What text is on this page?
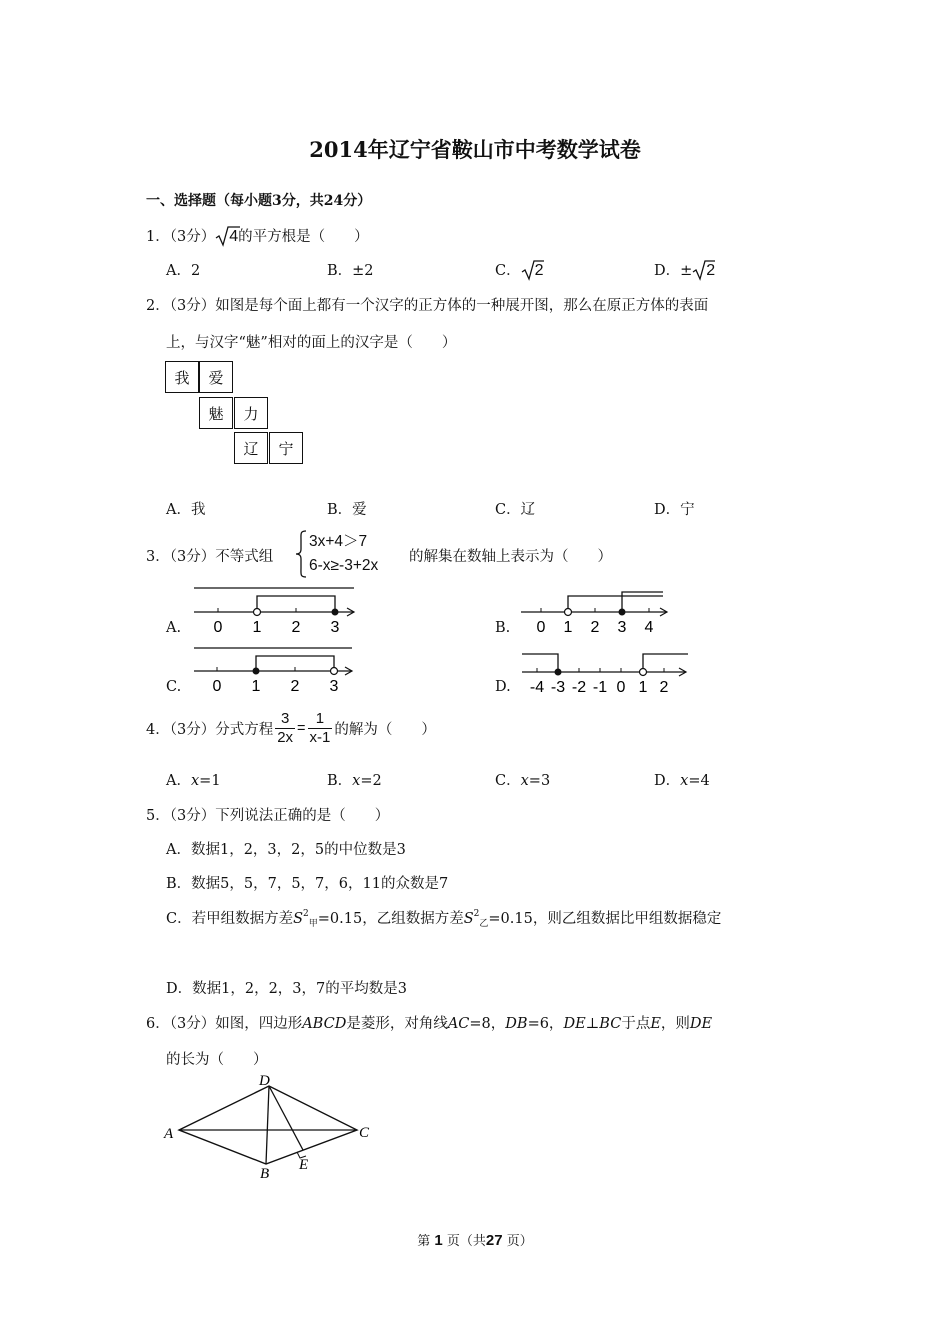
2014年辽宁省鞍山市中考数学试卷
一、选择题（每小题3分，共24分）
1．（3分） 4的平方根是（　　）
A．2	B．±2	C． 2	D．± 2
2．（3分）如图是每个面上都有一个汉字的正方体的一种展开图，那么在原正方体的表面
上，与汉字“魅”相对的面上的汉字是（　　）
我	爱
魅	力
辽	宁
A．我	B．爱	C．辽	D．宁
3．（3分）不等式组
3x+4＞7
6-x≥-3+2x 的解集在数轴上表示为（　　）
A. 0 1 2 3	B. 0 1 2 3 4
C. 0 1 2 3	D. -4 -3 -2 -1 0 1 2
4．（3分）分式方程 $\frac{3}{2x} = \frac{1}{x-1}$ 的解为（　　）
A．x=1	B．x=2	C．x=3	D．x=4
5．（3分）下列说法正确的是（　　）
A．数据1，2，3，2，5的中位数是3
B．数据5，5，7，5，7，6，11的众数是7
C．若甲组数据方差$S^2_甲=0.15$，乙组数据方差$S^2_乙=0.15$，则乙组数据比甲组数据稳定
D．数据1，2，2，3，7的平均数是3
6．（3分）如图，四边形ABCD是菱形，对角线AC=8，DB=6，DE⊥BC于点E，则DE
的长为（　　）
A
D
C
B
E
第 1 页（共27 页）
